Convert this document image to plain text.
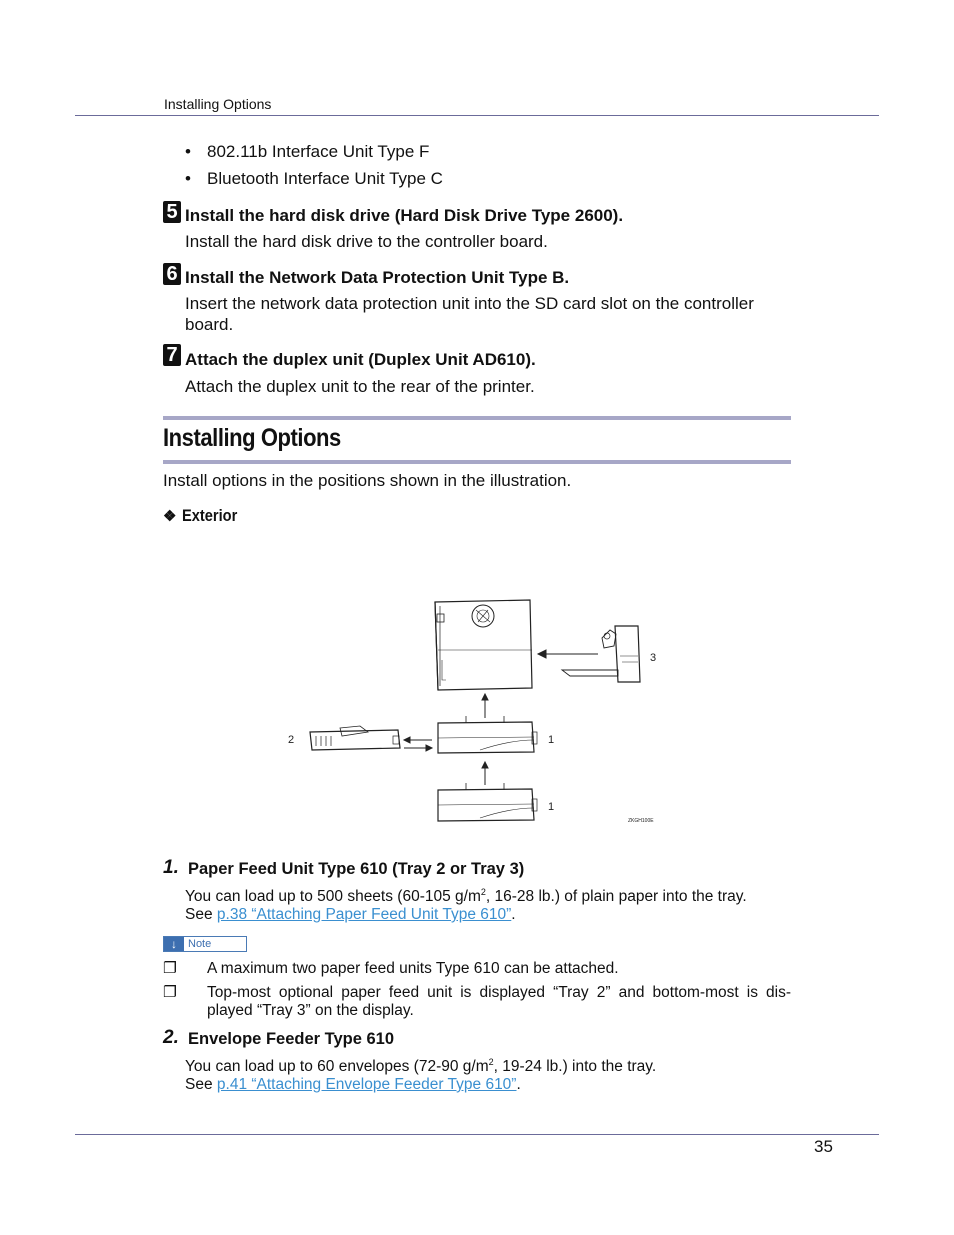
Installing Options
• 802.11b Interface Unit Type F
• Bluetooth Interface Unit Type C
5 Install the hard disk drive (Hard Disk Drive Type 2600).
Install the hard disk drive to the controller board.
6 Install the Network Data Protection Unit Type B.
Insert the network data protection unit into the SD card slot on the controller
board.
7 Attach the duplex unit (Duplex Unit AD610).
Attach the duplex unit to the rear of the printer.
Installing Options
Install options in the positions shown in the illustration.
❖ Exterior
3
2	1
1
ZKGH100E
1. Paper Feed Unit Type 610 (Tray 2 or Tray 3)
You can load up to 500 sheets (60-105 $g/m^2$, 16-28 lb.) of plain paper into the tray.
See p.38 “Attaching Paper Feed Unit Type 610”.
↓	Note
❐ A maximum two paper feed units Type 610 can be attached.
❐ Top-most optional paper feed unit is displayed “Tray 2” and bottom-most is dis-played “Tray 3” on the display.
2. Envelope Feeder Type 610
You can load up to 60 envelopes (72-90 $g/m^2$, 19-24 lb.) into the tray.
See p.41 “Attaching Envelope Feeder Type 610”.
35
